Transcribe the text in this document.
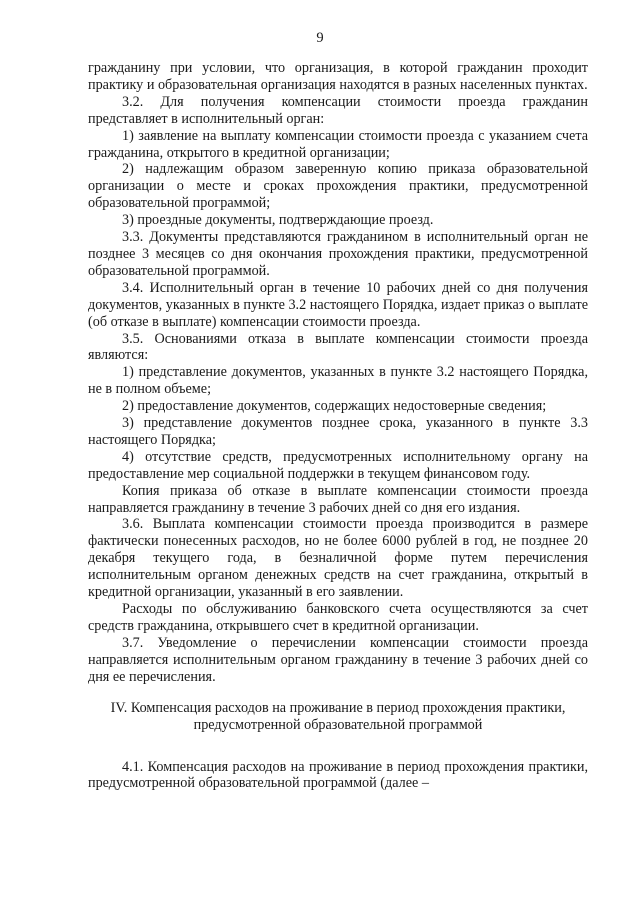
9

гражданину при условии, что организация, в которой гражданин проходит практику и образовательная организация находятся в разных населенных пунктах.

3.2. Для получения компенсации стоимости проезда гражданин представляет в исполнительный орган:

1) заявление на выплату компенсации стоимости проезда с указанием счета гражданина, открытого в кредитной организации;

2) надлежащим образом заверенную копию приказа образовательной организации о месте и сроках прохождения практики, предусмотренной образовательной программой;

3) проездные документы, подтверждающие проезд.

3.3. Документы представляются гражданином в исполнительный орган не позднее 3 месяцев со дня окончания прохождения практики, предусмотренной образовательной программой.

3.4. Исполнительный орган в течение 10 рабочих дней со дня получения документов, указанных в пункте 3.2 настоящего Порядка, издает приказ о выплате (об отказе в выплате) компенсации стоимости проезда.

3.5. Основаниями отказа в выплате компенсации стоимости проезда являются:

1) представление документов, указанных в пункте 3.2 настоящего Порядка, не в полном объеме;

2) предоставление документов, содержащих недостоверные сведения;

3) представление документов позднее срока, указанного в пункте 3.3 настоящего Порядка;

4) отсутствие средств, предусмотренных исполнительному органу на предоставление мер социальной поддержки в текущем финансовом году.

Копия приказа об отказе в выплате компенсации стоимости проезда направляется гражданину в течение 3 рабочих дней со дня его издания.

3.6. Выплата компенсации стоимости проезда производится в размере фактически понесенных расходов, но не более 6000 рублей в год, не позднее 20 декабря текущего года, в безналичной форме путем перечисления исполнительным органом денежных средств на счет гражданина, открытый в кредитной организации, указанный в его заявлении.

Расходы по обслуживанию банковского счета осуществляются за счет средств гражданина, открывшего счет в кредитной организации.

3.7. Уведомление о перечислении компенсации стоимости проезда направляется исполнительным органом гражданину в течение 3 рабочих дней со дня ее перечисления.

IV. Компенсация расходов на проживание в период прохождения практики,
предусмотренной образовательной программой

4.1. Компенсация расходов на проживание в период прохождения практики, предусмотренной образовательной программой (далее –
